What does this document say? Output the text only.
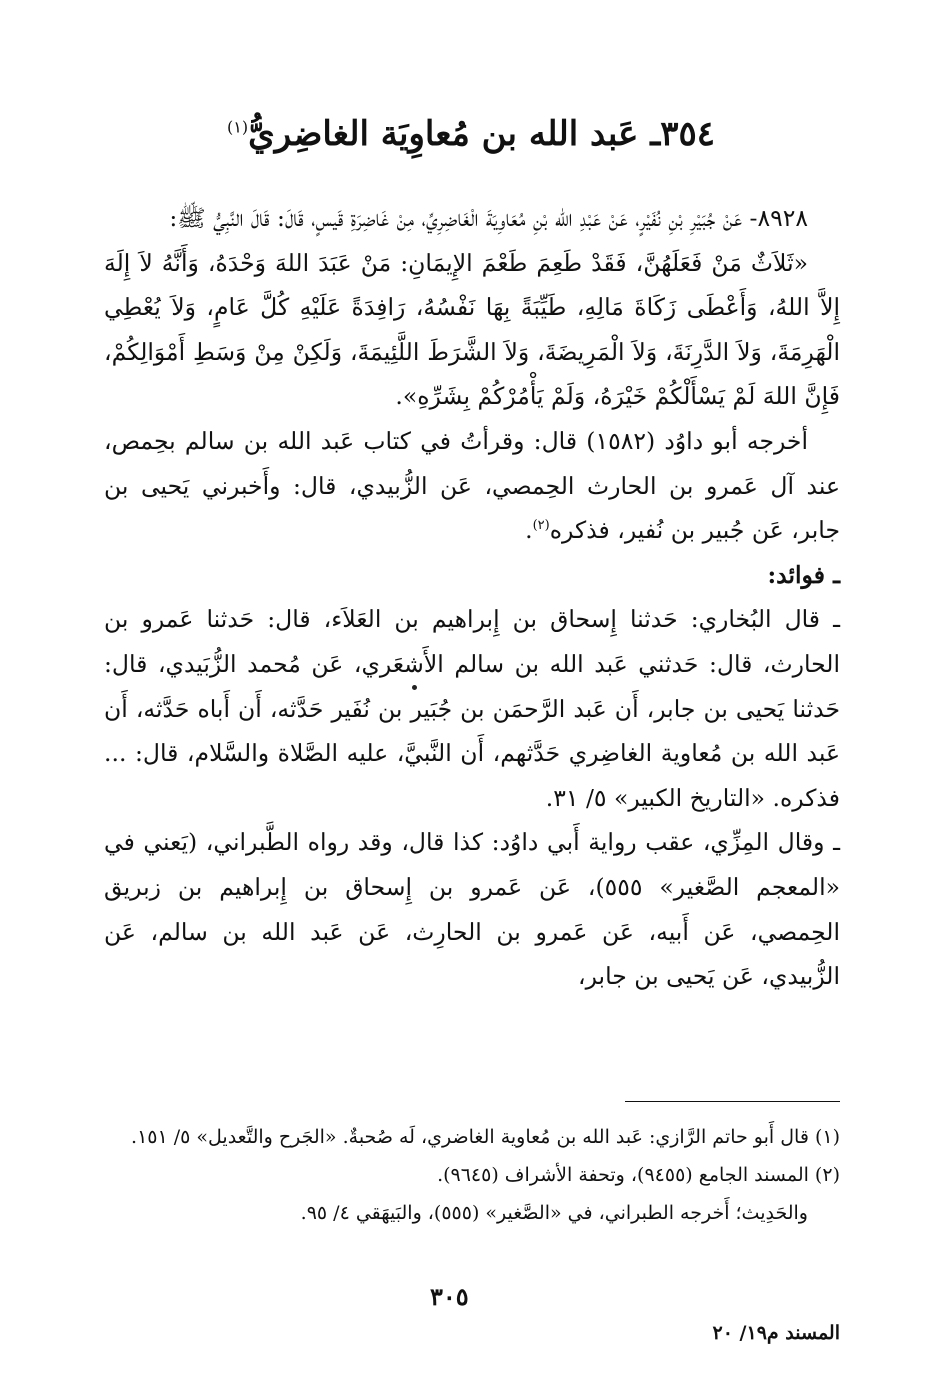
٣٥٤ـ عَبد الله بن مُعاوِيَة الغاضِريُّ$^{(١)}$

٨٩٢٨- عَنْ جُبَيْرِ بْنِ نُفَيْرٍ، عَنْ عَبْدِ الله بْنِ مُعَاوِيَةَ الْغَاضِرِيِّ، مِنْ غَاضِرَةِ قَيسٍ، قَالَ: قَالَ النَّبِيُّ ﷺ:

«ثَلاَثٌ مَنْ فَعَلَهُنَّ، فَقَدْ طَعِمَ طَعْمَ الإِيمَانِ: مَنْ عَبَدَ اللهَ وَحْدَهُ، وَأَنَّهُ لاَ إِلَهَ إِلاَّ اللهُ، وَأَعْطَى زَكَاةَ مَالِهِ، طَيِّبَةً بِهَا نَفْسُهُ، رَافِدَةً عَلَيْهِ كُلَّ عَامٍ، وَلاَ يُعْطِي الْهَرِمَةَ، وَلاَ الدَّرِنَةَ، وَلاَ الْمَرِيضَةَ، وَلاَ الشَّرَطَ اللَّئِيمَةَ، وَلَكِنْ مِنْ وَسَطِ أَمْوَالِكُمْ، فَإِنَّ اللهَ لَمْ يَسْأَلْكُمْ خَيْرَهُ، وَلَمْ يَأْمُرْكُمْ بِشَرِّهِ».

أخرجه أبو داوُد (١٥٨٢) قال: وقرأتُ في كتاب عَبد الله بن سالم بحِمص، عند آل عَمرو بن الحارث الحِمصي، عَن الزُّبيدي، قال: وأَخبرني يَحيى بن جابر، عَن جُبير بن نُفير، فذكره$^{(٢)}$.

ـ فوائد:

ـ قال البُخاري: حَدثنا إِسحاق بن إِبراهيم بن العَلاَء، قال: حَدثنا عَمرو بن الحارث، قال: حَدثني عَبد الله بن سالم الأَشعَري، عَن مُحمد الزُّبَيدي، قال: حَدثنا يَحيى بن جابر، أَن عَبد الرَّحمَن بن جُبَير بن نُفَير حَدَّثه، أَن أَباه حَدَّثه، أَن عَبد الله بن مُعاوية الغاضِري حَدَّثهم، أَن النَّبيَّ، عليه الصَّلاة والسَّلام، قال: ... فذكره. «التاريخ الكبير» ٥/ ٣١.

ـ وقال المِزِّي، عقب رواية أَبي داوُد: كذا قال، وقد رواه الطَّبراني، (يَعني في «المعجم الصَّغير» ٥٥٥)، عَن عَمرو بن إِسحاق بن إِبراهيم بن زبريق الحِمصي، عَن أَبيه، عَن عَمرو بن الحارِث، عَن عَبد الله بن سالم، عَن الزُّبيدي، عَن يَحيى بن جابر،

(١) قال أَبو حاتم الرَّازي: عَبد الله بن مُعاوية الغاضري، لَه صُحبةٌ. «الجَرح والتَّعديل» ٥/ ١٥١.

(٢) المسند الجامع (٩٤٥٥)، وتحفة الأشراف (٩٦٤٥).

والحَدِيث؛ أَخرجه الطبراني، في «الصَّغير» (٥٥٥)، والبَيهَقي ٤/ ٩٥.

٣٠٥
المسند م١٩/ ٢٠
